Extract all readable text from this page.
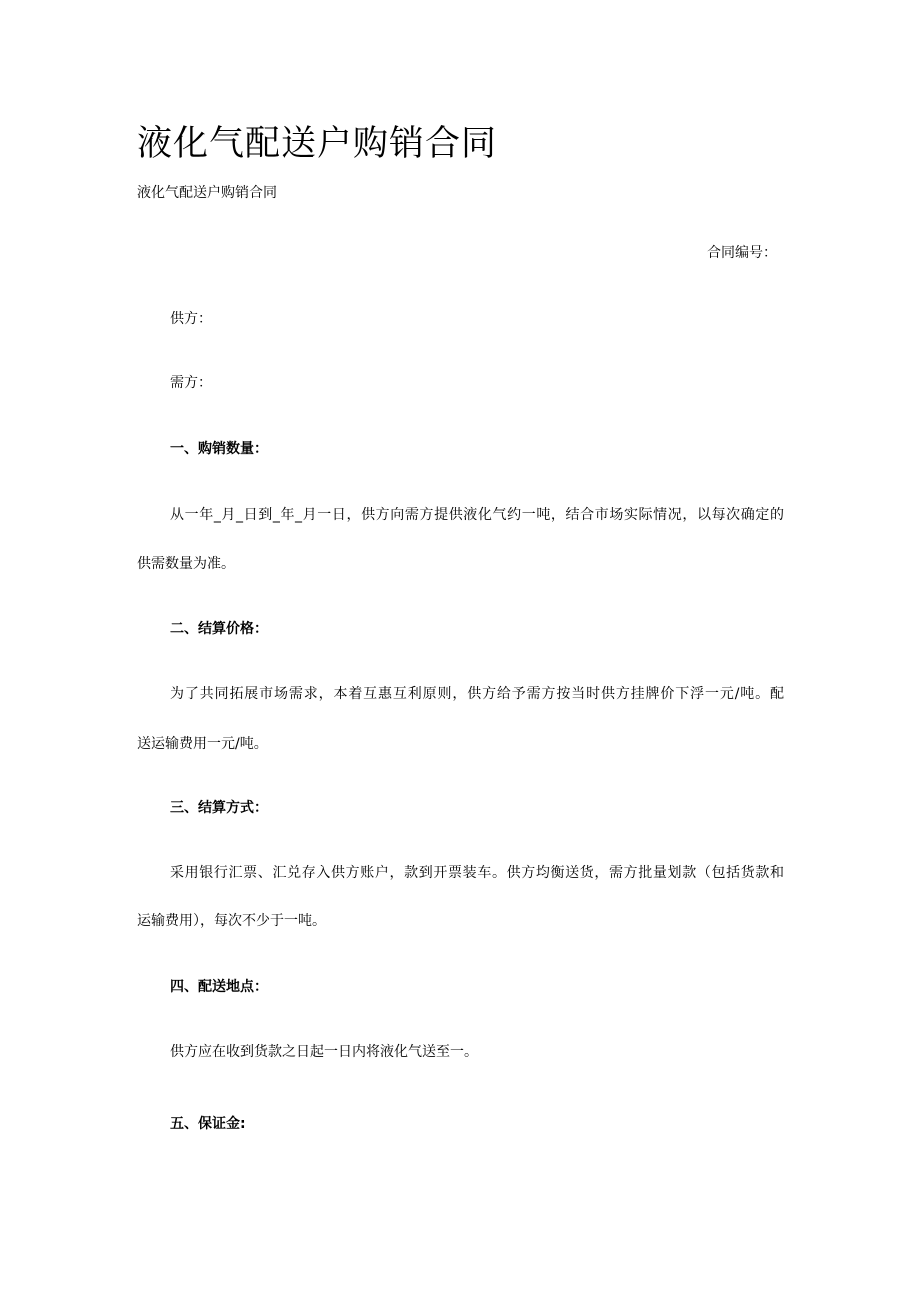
液化气配送户购销合同
液化气配送户购销合同
合同编号：
供方：
需方：
一、购销数量：
从一年_月_日到_年_月一日，供方向需方提供液化气约一吨，结合市场实际情况，以每次确定的
供需数量为准。
二、结算价格：
为了共同拓展市场需求，本着互惠互利原则，供方给予需方按当时供方挂牌价下浮一元/吨。配
送运输费用一元/吨。
三、结算方式：
采用银行汇票、汇兑存入供方账户，款到开票装车。供方均衡送货，需方批量划款（包括货款和
运输费用），每次不少于一吨。
四、配送地点：
供方应在收到货款之日起一日内将液化气送至一。
五、保证金:
